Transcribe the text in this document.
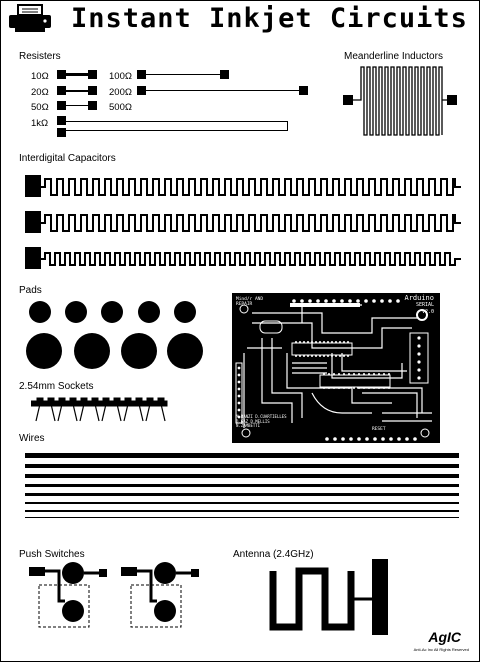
Instant Inkjet Circuits
Resisters
10Ω
20Ω
50Ω
100Ω
200Ω
500Ω
1kΩ
Meanderline Inductors
Interdigital Capacitors
Pads
2.54mm Sockets
Arduino
SERIAL
v2.0
Mind/r AND REPAIR
M.BANZI D.CUARTIELLES D.GAZ D.MELLIS N.ZAMBETTI
RESET
Wires
Push Switches	Antenna (2.4GHz)
AgIC
Anti-Ac Inc All Rights Reserved
